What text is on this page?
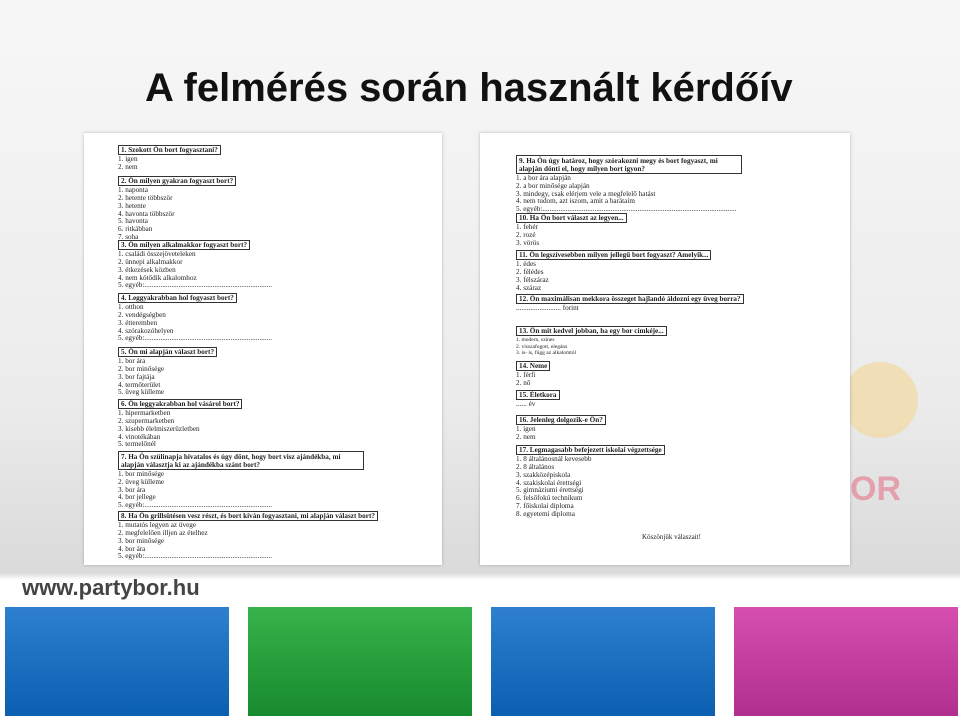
A felmérés során használt kérdőív
OR
1. Szokott Ön bort fogyasztani?
1. igen
2. nem
2. Ön milyen gyakran fogyaszt bort?
1. naponta
2. hetente többször
3. hetente
4. havonta többször
5. havonta
6. ritkábban
7. soha
3. Ön milyen alkalmakkor fogyaszt bort?
1. családi összejöveteleken
2. ünnepi alkalmakkor
3. étkezések közben
4. nem kötődik alkalomhoz
5. egyéb:.......................................................................
4. Leggyakrabban hol fogyaszt bort?
1. otthon
2. vendégségben
3. étteremben
4. szórakozóhelyen
5. egyéb:.......................................................................
5. Ön mi alapján választ bort?
1. bor ára
2. bor minősége
3. bor fajtája
4. termőterület
5. üveg külleme
6. Ön leggyakrabban hol vásárol bort?
1. hipermarketben
2. szupermarketben
3. kisebb élelmiszerüzletben
4. vinotékában
5. termelőnél
7. Ha Ön szülinapja hivatalos és úgy dönt, hogy bort visz ajándékba, mi alapján választja ki az ajándékba szánt bort?
1. bor minősége
2. üveg külleme
3. bor ára
4. bor jellege
5. egyéb:.......................................................................
8. Ha Ön grillsütésen vesz részt, és bort kíván fogyasztani, mi alapján választ bort?
1. mutatós legyen az üvege
2. megfelelően illjen az ételhez
3. bor minősége
4. bor ára
5. egyéb:.......................................................................
Köszönjük válaszait!
9. Ha Ön úgy határoz, hogy szórakozni megy és bort fogyaszt, mi alapján dönti el, hogy milyen bort igyon?
1. a bor ára alapján
2. a bor minősége alapján
3. mindegy, csak elérjem vele a megfelelő hatást
4. nem tudom, azt iszom, amit a barátaim
5. egyéb:............................................................................................................
10. Ha Ön bort választ az legyen...
1. fehér
2. rozé
3. vörös
11. Ön legszívesebben milyen jellegű bort fogyaszt? Amelyik...
1. édes
2. félédes
3. félszáraz
4. száraz
12. Ön maximálisan mekkora összeget hajlandó áldozni egy üveg borra?
......................... forint
13. Ön mit kedvel jobban, ha egy bor címkéje...
1. modern, színes
2. visszafogott, elegáns
3. is- is, függ az alkalomtól
14. Neme
1. férfi
2. nő
15. Életkora
...... év
16. Jelenleg dolgozik-e Ön?
1. igen
2. nem
17. Legmagasabb befejezett iskolai végzettsége
1. 8 általánosnál kevesebb
2. 8 általános
3. szakközépiskola
4. szakiskolai érettségi
5. gimnáziumi érettségi
6. felsőfokú technikum
7. főiskolai diploma
8. egyetemi diploma
www.partybor.hu
